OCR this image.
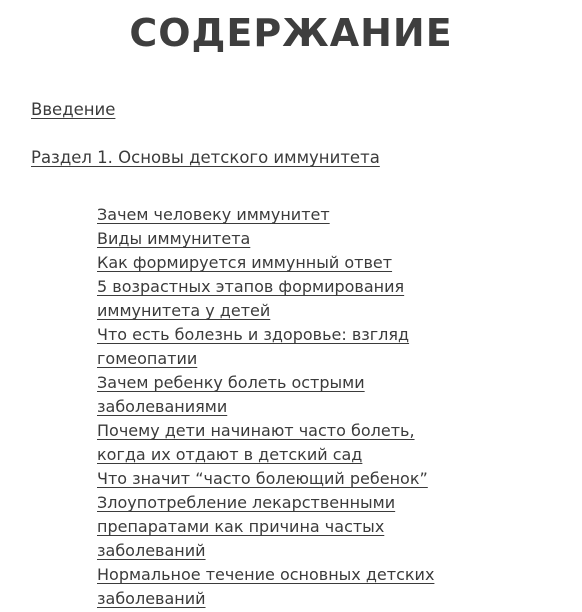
СОДЕРЖАНИЕ
Введение
Раздел 1. Основы детского иммунитета
Зачем человеку иммунитет
Виды иммунитета
Как формируется иммунный ответ
5 возрастных этапов формирования
иммунитета у детей
Что есть болезнь и здоровье: взгляд
гомеопатии
Зачем ребенку болеть острыми
заболеваниями
Почему дети начинают часто болеть,
когда их отдают в детский сад
Что значит “часто болеющий ребенок”
Злоупотребление лекарственными
препаратами как причина частых
заболеваний
Нормальное течение основных детских
заболеваний
